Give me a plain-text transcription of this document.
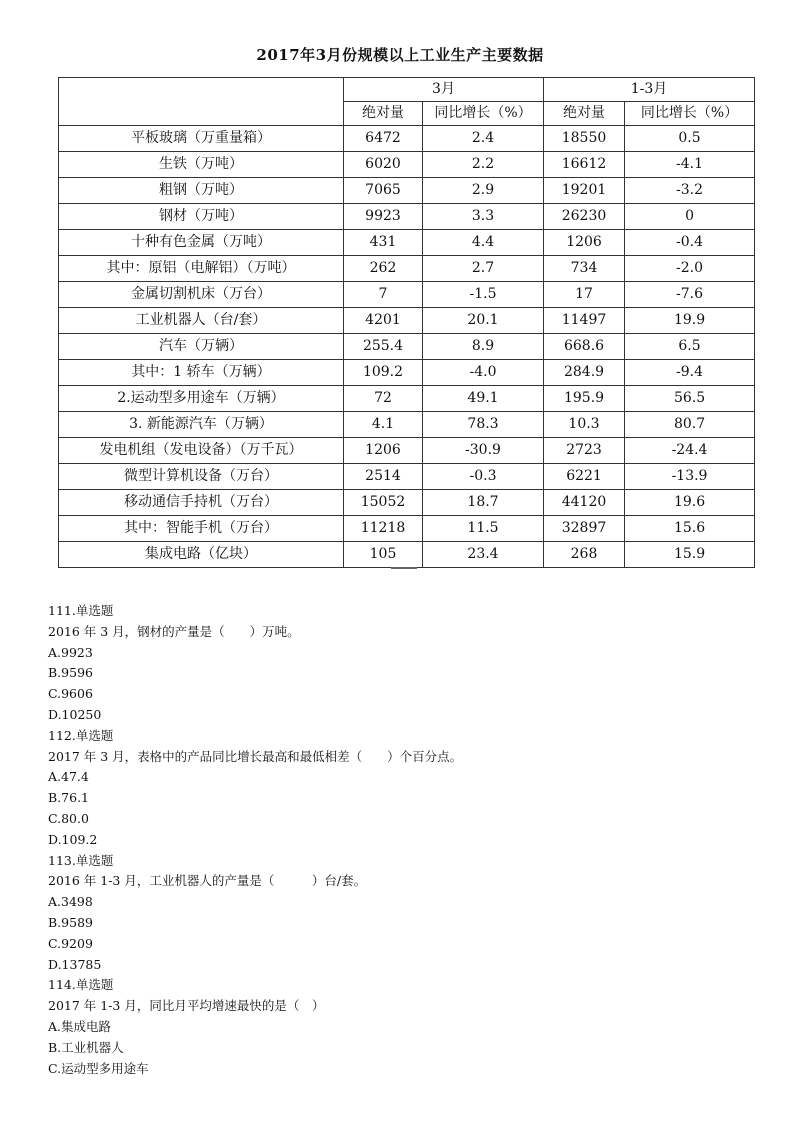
2017年3月份规模以上工业生产主要数据
	3月		1-3月	
	绝对量	同比增长（%）	绝对量	同比增长（%）
平板玻璃（万重量箱）	6472	2.4	18550	0.5
生铁（万吨）	6020	2.2	16612	-4.1
粗钢（万吨）	7065	2.9	19201	-3.2
钢材（万吨）	9923	3.3	26230	0
十种有色金属（万吨）	431	4.4	1206	-0.4
其中：原铝（电解铝）（万吨）	262	2.7	734	-2.0
金属切割机床（万台）	7	-1.5	17	-7.6
工业机器人（台/套）	4201	20.1	11497	19.9
汽车（万辆）	255.4	8.9	668.6	6.5
其中：1 轿车（万辆）	109.2	-4.0	284.9	-9.4
2.运动型多用途车（万辆）	72	49.1	195.9	56.5
3. 新能源汽车（万辆）	4.1	78.3	10.3	80.7
发电机组（发电设备）（万千瓦）	1206	-30.9	2723	-24.4
微型计算机设备（万台）	2514	-0.3	6221	-13.9
移动通信手持机（万台）	15052	18.7	44120	19.6
其中：智能手机（万台）	11218	11.5	32897	15.6
集成电路（亿块）	105	23.4	268	15.9
111.单选题
2016 年 3 月，钢材的产量是（　　）万吨。
A.9923
B.9596
C.9606
D.10250
112.单选题
2017 年 3 月，表格中的产品同比增长最高和最低相差（　　）个百分点。
A.47.4
B.76.1
C.80.0
D.109.2
113.单选题
2016 年 1-3 月，工业机器人的产量是（　　　）台/套。
A.3498
B.9589
C.9209
D.13785
114.单选题
2017 年 1-3 月，同比月平均增速最快的是（　）
A.集成电路
B.工业机器人
C.运动型多用途车
